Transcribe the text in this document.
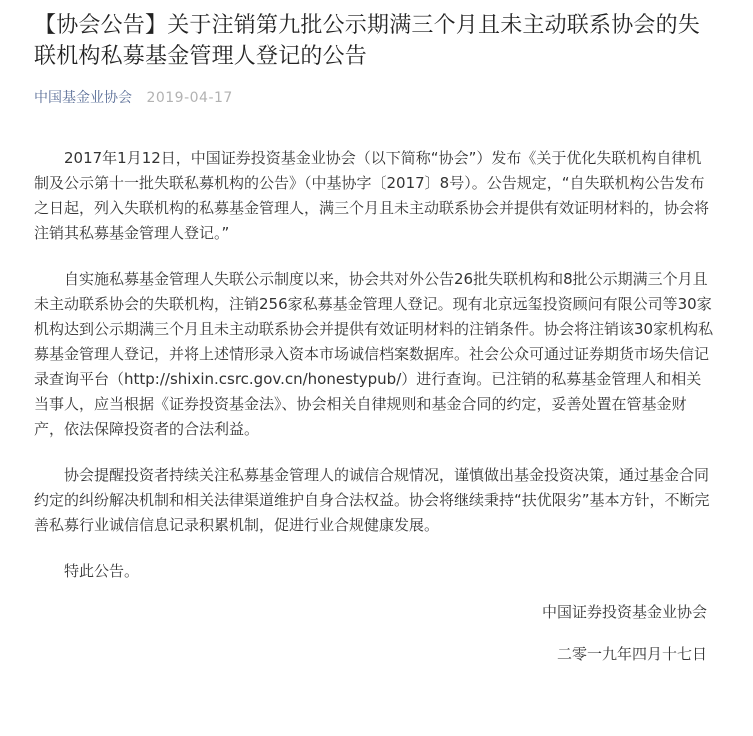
【协会公告】关于注销第九批公示期满三个月且未主动联系协会的失联机构私募基金管理人登记的公告
中国基金业协会 2019-04-17

2017年1月12日，中国证券投资基金业协会（以下简称“协会”）发布《关于优化失联机构自律机制及公示第十一批失联私募机构的公告》（中基协字〔2017〕8号）。公告规定，“自失联机构公告发布之日起，列入失联机构的私募基金管理人，满三个月且未主动联系协会并提供有效证明材料的，协会将注销其私募基金管理人登记。”

自实施私募基金管理人失联公示制度以来，协会共对外公告26批失联机构和8批公示期满三个月且未主动联系协会的失联机构，注销256家私募基金管理人登记。现有北京远玺投资顾问有限公司等30家机构达到公示期满三个月且未主动联系协会并提供有效证明材料的注销条件。协会将注销该30家机构私募基金管理人登记，并将上述情形录入资本市场诚信档案数据库。社会公众可通过证券期货市场失信记录查询平台（http://shixin.csrc.gov.cn/honestypub/）进行查询。已注销的私募基金管理人和相关当事人，应当根据《证券投资基金法》、协会相关自律规则和基金合同的约定，妥善处置在管基金财产，依法保障投资者的合法利益。

协会提醒投资者持续关注私募基金管理人的诚信合规情况，谨慎做出基金投资决策，通过基金合同约定的纠纷解决机制和相关法律渠道维护自身合法权益。协会将继续秉持“扶优限劣”基本方针，不断完善私募行业诚信信息记录积累机制，促进行业合规健康发展。

特此公告。

中国证券投资基金业协会
二零一九年四月十七日
